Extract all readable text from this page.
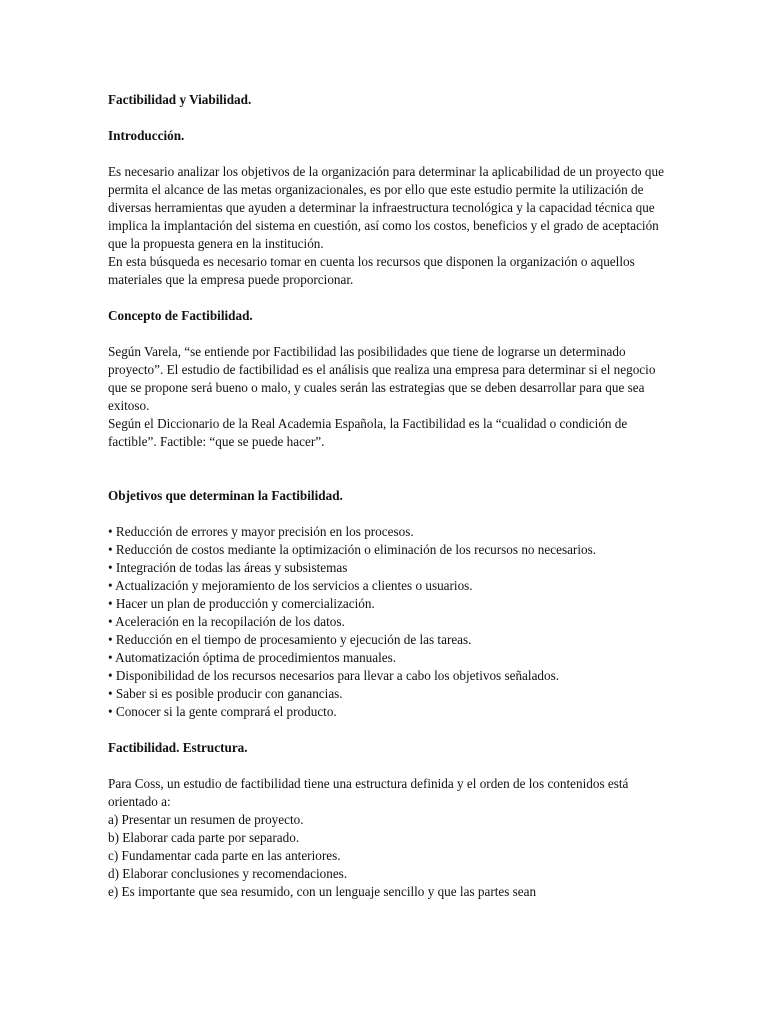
Factibilidad y Viabilidad.
Introducción.

Es necesario analizar los objetivos de la organización para determinar la aplicabilidad de un proyecto que permita el alcance de las metas organizacionales, es por ello que este estudio permite la utilización de diversas herramientas que ayuden a determinar la infraestructura tecnológica y la capacidad técnica que implica la implantación del sistema en cuestión, así como los costos, beneficios y el grado de aceptación que la propuesta genera en la institución.

En esta búsqueda es necesario tomar en cuenta los recursos que disponen la organización o aquellos materiales que la empresa puede proporcionar.

Concepto de Factibilidad.

Según Varela, “se entiende por Factibilidad las posibilidades que tiene de lograrse un determinado proyecto”. El estudio de factibilidad es el análisis que realiza una empresa para determinar si el negocio que se propone será bueno o malo, y cuales serán las estrategias que se deben desarrollar para que sea exitoso.

Según el Diccionario de la Real Academia Española, la Factibilidad es la “cualidad o condición de factible”. Factible: “que se puede hacer”.

Objetivos que determinan la Factibilidad.
• Reducción de errores y mayor precisión en los procesos.
• Reducción de costos mediante la optimización o eliminación de los recursos no necesarios.
• Integración de todas las áreas y subsistemas
• Actualización y mejoramiento de los servicios a clientes o usuarios.
• Hacer un plan de producción y comercialización.
• Aceleración en la recopilación de los datos.
• Reducción en el tiempo de procesamiento y ejecución de las tareas.
• Automatización óptima de procedimientos manuales.
• Disponibilidad de los recursos necesarios para llevar a cabo los objetivos señalados.
• Saber si es posible producir con ganancias.
• Conocer si la gente comprará el producto.
Factibilidad. Estructura.

Para Coss, un estudio de factibilidad tiene una estructura definida y el orden de los contenidos está orientado a:

a) Presentar un resumen de proyecto.
b) Elaborar cada parte por separado.
c) Fundamentar cada parte en las anteriores.
d) Elaborar conclusiones y recomendaciones.
e) Es importante que sea resumido, con un lenguaje sencillo y que las partes sean
